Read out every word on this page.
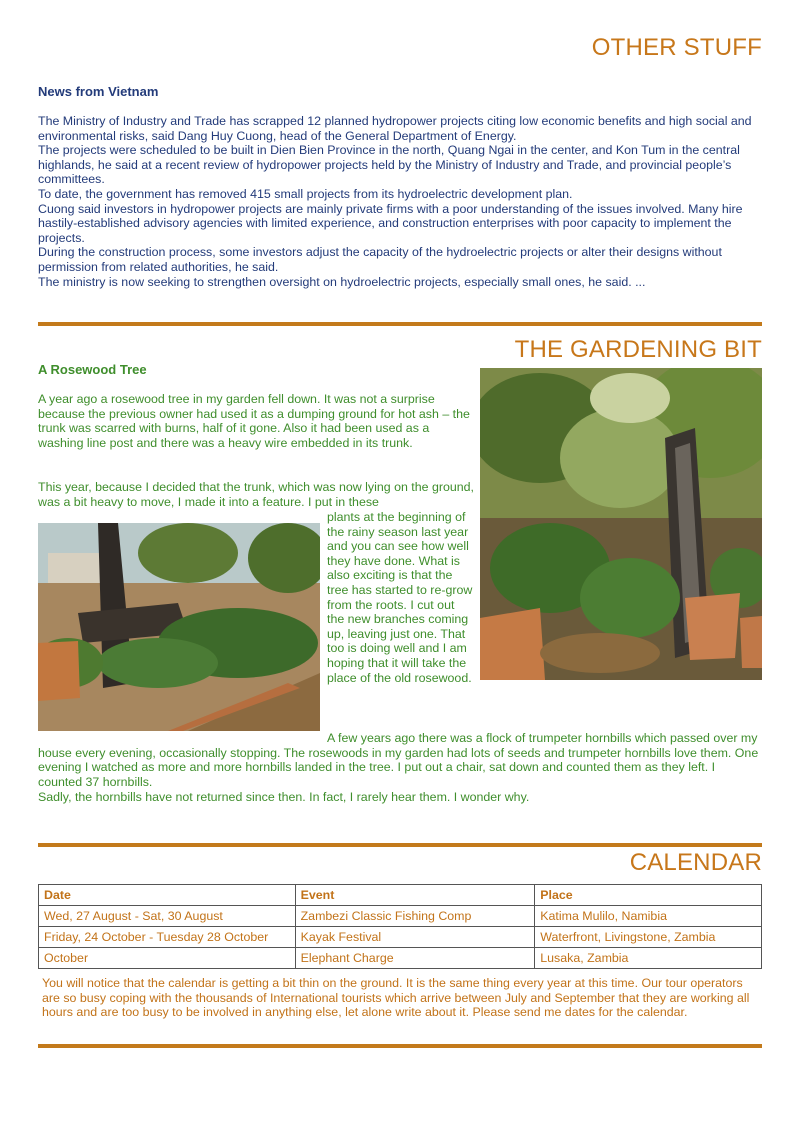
OTHER STUFF
News from Vietnam

The Ministry of Industry and Trade has scrapped 12 planned hydropower projects citing low economic benefits and high social and environmental risks, said Dang Huy Cuong, head of the General Department of Energy.

The projects were scheduled to be built in Dien Bien Province in the north, Quang Ngai in the center, and Kon Tum in the central highlands, he said at a recent review of hydropower projects held by the Ministry of Industry and Trade, and provincial people’s committees.

To date, the government has removed 415 small projects from its hydroelectric development plan.

Cuong said investors in hydropower projects are mainly private firms with a poor understanding of the issues involved. Many hire hastily-established advisory agencies with limited experience, and construction enterprises with poor capacity to implement the projects.

During the construction process, some investors adjust the capacity of the hydroelectric projects or alter their designs without permission from related authorities, he said.

The ministry is now seeking to strengthen oversight on hydroelectric projects, especially small ones, he said. ...

THE GARDENING BIT
A Rosewood Tree
A year ago a rosewood tree in my garden fell down. It was not a surprise because the previous owner had used it as a dumping ground for hot ash – the trunk was scarred with burns, half of it gone. Also it had been used as a washing line post and there was a heavy wire embedded in its trunk.
This year, because I decided that the trunk, which was now lying on the ground, was a bit heavy to move, I made it into a feature. I put in these
plants at the beginning of the rainy season last year and you can see how well they have done. What is also exciting is that the tree has started to re-grow from the roots. I cut out the new branches coming up, leaving just one. That too is doing well and I am hoping that it will take the place of the old rosewood.

A few years ago there was a flock of trumpeter hornbills which passed over my house every evening, occasionally stopping. The rosewoods in my garden had lots of seeds and trumpeter hornbills love them. One evening I watched as more and more hornbills landed in the tree. I put out a chair, sat down and counted them as they left. I counted 37 hornbills.

Sadly, the hornbills have not returned since then. In fact, I rarely hear them. I wonder why.
CALENDAR
Date	Event	Place
Wed, 27 August - Sat, 30 August	Zambezi Classic Fishing Comp	Katima Mulilo, Namibia
Friday, 24 October - Tuesday 28 October	Kayak Festival	Waterfront, Livingstone, Zambia
October	Elephant Charge	Lusaka, Zambia
You will notice that the calendar is getting a bit thin on the ground. It is the same thing every year at this time. Our tour operators are so busy coping with the thousands of International tourists which arrive between July and September that they are working all hours and are too busy to be involved in anything else, let alone write about it. Please send me dates for the calendar.
